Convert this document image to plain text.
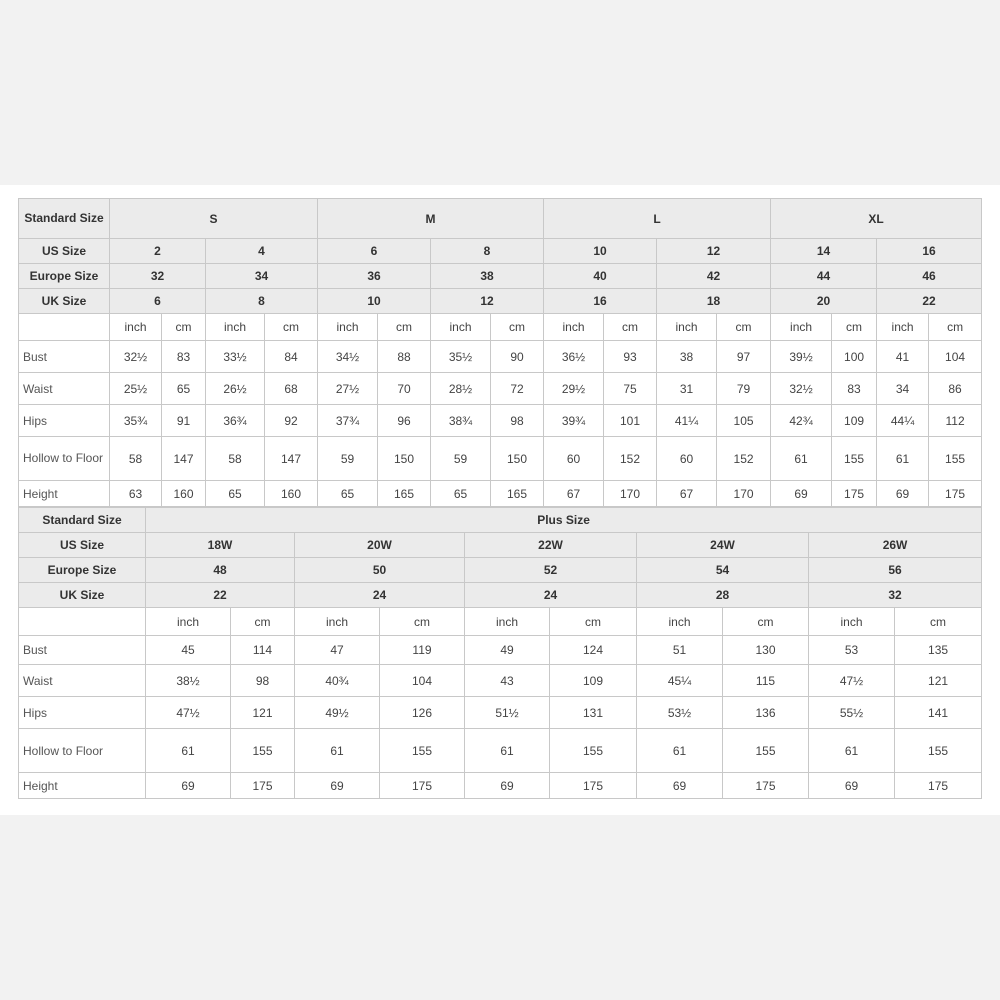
Standard Size	S				M				L				XL			
US Size	2		4		6		8		10		12		14		16	
Europe Size	32		34		36		38		40		42		44		46	
UK Size	6		8		10		12		16		18		20		22	
	inch	cm	inch	cm	inch	cm	inch	cm	inch	cm	inch	cm	inch	cm	inch	cm
Bust	32½	83	33½	84	34½	88	35½	90	36½	93	38	97	39½	100	41	104
Waist	25½	65	26½	68	27½	70	28½	72	29½	75	31	79	32½	83	34	86
Hips	35¾	91	36¾	92	37¾	96	38¾	98	39¾	101	41¼	105	42¾	109	44¼	112
Hollow to Floor	58	147	58	147	59	150	59	150	60	152	60	152	61	155	61	155
Height	63	160	65	160	65	165	65	165	67	170	67	170	69	175	69	175
Standard Size	Plus Size									
US Size	18W		20W		22W		24W		26W	
Europe Size	48		50		52		54		56	
UK Size	22		24		24		28		32	
	inch	cm	inch	cm	inch	cm	inch	cm	inch	cm
Bust	45	114	47	119	49	124	51	130	53	135
Waist	38½	98	40¾	104	43	109	45¼	115	47½	121
Hips	47½	121	49½	126	51½	131	53½	136	55½	141
Hollow to Floor	61	155	61	155	61	155	61	155	61	155
Height	69	175	69	175	69	175	69	175	69	175
